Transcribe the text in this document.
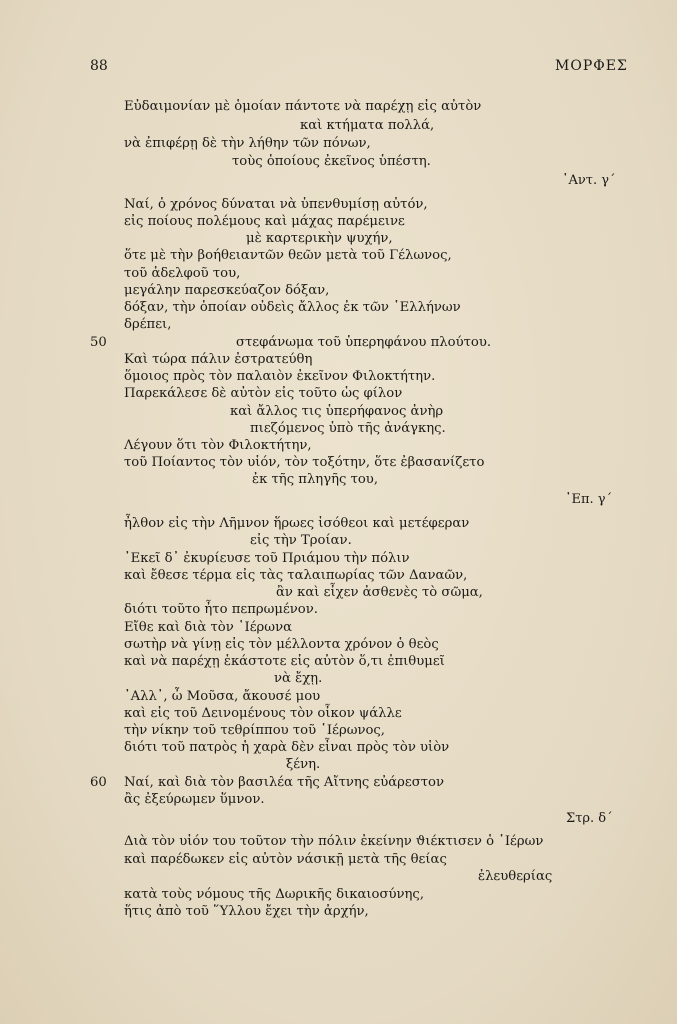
88	ΜΟΡΦΕΣ
Εὐδαιμονίαν μὲ ὁμοίαν πάντοτε νὰ παρέχῃ εἰς αὐτὸν
καὶ κτήματα πολλά,
νὰ ἐπιφέρῃ δὲ τὴν λήθην τῶν πόνων,
τοὺς ὁποίους ἐκεῖνος ὑπέστη.
᾿Αντ. γ΄
Ναί, ὁ χρόνος δύναται νὰ ὑπενθυμίσῃ αὐτόν,
εἰς ποίους πολέμους καὶ μάχας παρέμεινε
μὲ καρτερικὴν ψυχήν,
ὅτε μὲ τὴν βοήθειαντῶν θεῶν μετὰ τοῦ Γέλωνος,
τοῦ ἀδελφοῦ του,
μεγάλην παρεσκεύαζον δόξαν,
δόξαν, τὴν ὁποίαν οὐδεὶς ἄλλος ἐκ τῶν ῾Ελλήνων
δρέπει,
50	στεφάνωμα τοῦ ὑπερηφάνου πλούτου.
Καὶ τώρα πάλιν ἐστρατεύθη
ὅμοιος πρὸς τὸν παλαιὸν ἐκεῖνον Φιλοκτήτην.
Παρεκάλεσε δὲ αὐτὸν εἰς τοῦτο ὡς φίλον
καὶ ἄλλος τις ὑπερήφανος ἀνὴρ
πιεζόμενος ὑπὸ τῆς ἀνάγκης.
Λέγουν ὅτι τὸν Φιλοκτήτην,
τοῦ Ποίαντος τὸν υἱόν, τὸν τοξότην, ὅτε ἐβασανίζετο
ἐκ τῆς πληγῆς του,
᾿Επ. γ΄
ἦλθον εἰς τὴν Λῆμνον ἥρωες ἰσόθεοι καὶ μετέφεραν
εἰς τὴν Τροίαν.
᾿Εκεῖ δ᾿ ἐκυρίευσε τοῦ Πριάμου τὴν πόλιν
καὶ ἔθεσε τέρμα εἰς τὰς ταλαιπωρίας τῶν Δαναῶν,
ἂν καὶ εἶχεν ἀσθενὲς τὸ σῶμα,
διότι τοῦτο ἦτο πεπρωμένον.
Εἴθε καὶ διὰ τὸν ῾Ιέρωνα
σωτὴρ νὰ γίνῃ εἰς τὸν μέλλοντα χρόνον ὁ θεὸς
καὶ νὰ παρέχῃ ἑκάστοτε εἰς αὐτὸν ὅ,τι ἐπιθυμεῖ
νὰ ἔχῃ.
᾿Αλλ᾿, ὦ Μοῦσα, ἄκουσέ μου
καὶ εἰς τοῦ Δεινομένους τὸν οἶκον ψάλλε
τὴν νίκην τοῦ τεθρίππου τοῦ ῾Ιέρωνος,
διότι τοῦ πατρὸς ἡ χαρὰ δὲν εἶναι πρὸς τὸν υἱὸν
ξένη.
60 Ναί, καὶ διὰ τὸν βασιλέα τῆς Αἴτνης εὐάρεστον
ἂς ἐξεύρωμεν ὕμνον.
Στρ. δ΄
Διὰ τὸν υἱόν του τοῦτον τὴν πόλιν ἐκείνην ϑιέκτισεν ὁ ῾Ιέρων
καὶ παρέδωκεν εἰς αὐτὸν νάσικῇ μετὰ τῆς θείας
ἐλευθερίας
κατὰ τοὺς νόμους τῆς Δωρικῆς δικαιοσύνης,
ἥτις ἀπὸ τοῦ ῞Υλλου ἔχει τὴν ἀρχήν,
